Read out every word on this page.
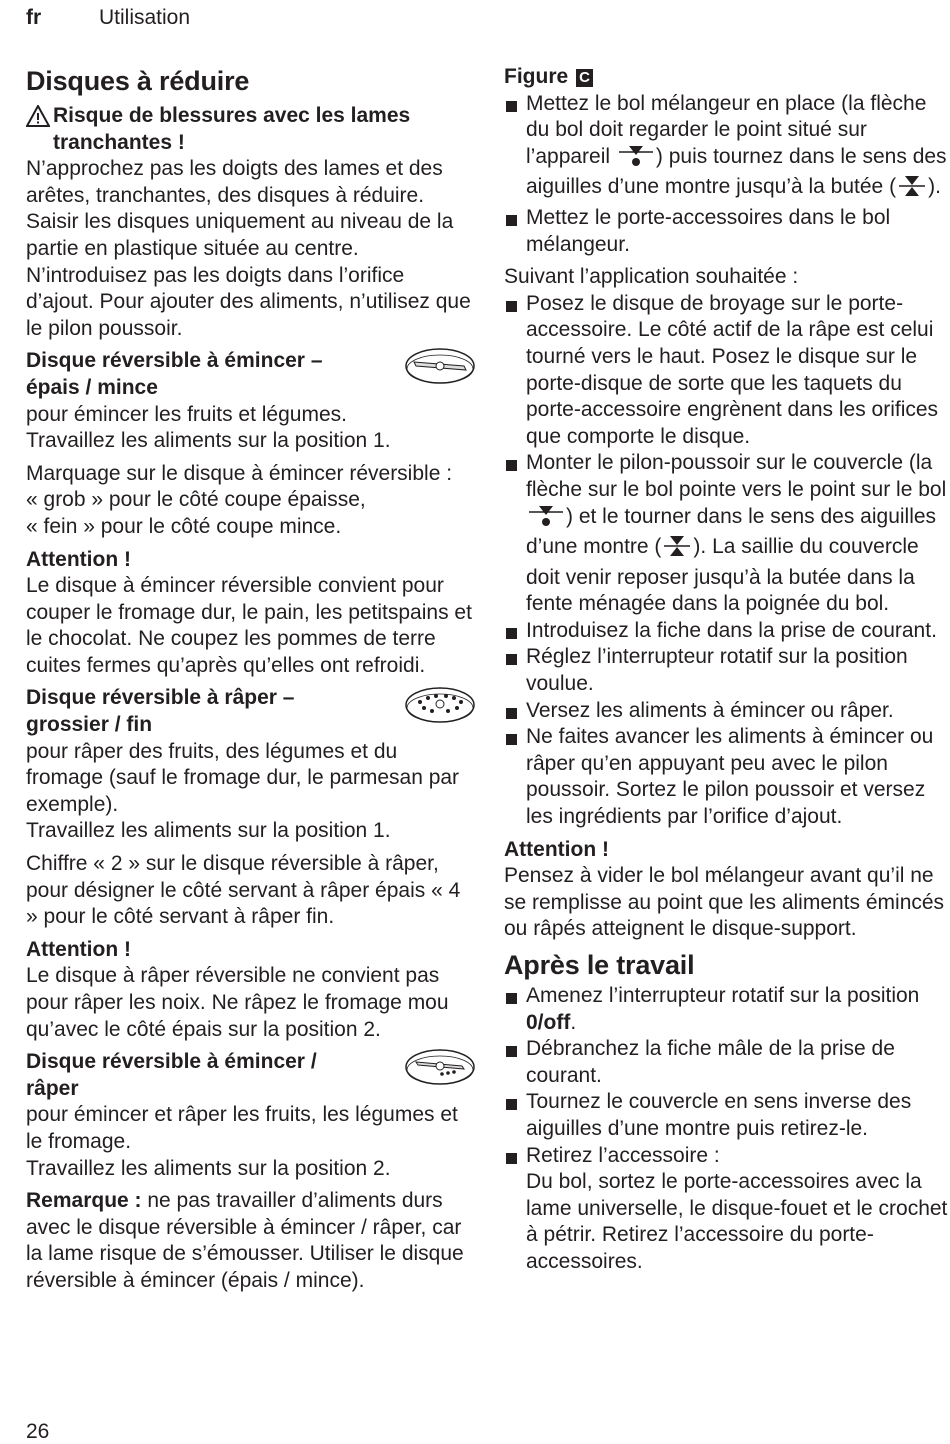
fr	Utilisation
Disques à réduire
Risque de blessures avec les lames
tranchantes !

N’approchez pas les doigts des lames et des arêtes, tranchantes, des disques à réduire. Saisir les disques uniquement au niveau de la partie en plastique située au centre. N’introduisez pas les doigts dans l’orifice d’ajout. Pour ajouter des aliments, n’utilisez que le pilon poussoir.

Disque réversible à émincer –
épais / mince
pour émincer les fruits et légumes.

Travaillez les aliments sur la position 1.

Marquage sur le disque à émincer réversible :
« grob » pour le côté coupe épaisse,

« fein » pour le côté coupe mince.

Attention !

Le disque à émincer réversible convient pour couper le fromage dur, le pain, les petitspains et le chocolat. Ne coupez les pommes de terre cuites fermes qu’après qu’elles ont refroidi.

Disque réversible à râper –
grossier / fin
pour râper des fruits, des légumes et du fromage (sauf le fromage dur, le parmesan par exemple).

Travaillez les aliments sur la position 1.

Chiffre « 2 » sur le disque réversible à râper, pour désigner le côté servant à râper épais « 4 » pour le côté servant à râper fin.

Attention !

Le disque à râper réversible ne convient pas pour râper les noix. Ne râpez le fromage mou qu’avec le côté épais sur la position 2.

Disque réversible à émincer /
râper
pour émincer et râper les fruits, les légumes et le fromage.

Travaillez les aliments sur la position 2.

Remarque : ne pas travailler d’aliments durs avec le disque réversible à émincer / râper, car la lame risque de s’émousser. Utiliser le disque réversible à émincer (épais / mince).

Figure C
Mettez le bol mélangeur en place (la flèche du bol doit regarder le point situé sur l’appareil ) puis tournez dans le sens des aiguilles d’une montre jusqu’à la butée ( ).
Mettez le porte-accessoires dans le bol mélangeur.
Suivant l’application souhaitée :
Posez le disque de broyage sur le porte-accessoire. Le côté actif de la râpe est celui tourné vers le haut. Posez le disque sur le porte-disque de sorte que les taquets du porte-accessoire engrènent dans les orifices que comporte le disque.
Monter le pilon-poussoir sur le couvercle (la flèche sur le bol pointe vers le point sur le bol ) et le tourner dans le sens des aiguilles d’une montre ( ). La saillie du couvercle doit venir reposer jusqu’à la butée dans la fente ménagée dans la poignée du bol.
Introduisez la fiche dans la prise de courant.
Réglez l’interrupteur rotatif sur la position voulue.
Versez les aliments à émincer ou râper.
Ne faites avancer les aliments à émincer ou râper qu’en appuyant peu avec le pilon poussoir. Sortez le pilon poussoir et versez les ingrédients par l’orifice d’ajout.
Attention !

Pensez à vider le bol mélangeur avant qu’il ne se remplisse au point que les aliments émincés ou râpés atteignent le disque-support.

Après le travail
Amenez l’interrupteur rotatif sur la position 0/off.
Débranchez la fiche mâle de la prise de courant.
Tournez le couvercle en sens inverse des aiguilles d’une montre puis retirez-le.
Retirez l’accessoire :
Du bol, sortez le porte-accessoires avec la lame universelle, le disque-fouet et le crochet à pétrir. Retirez l’accessoire du porte-accessoires.
26
